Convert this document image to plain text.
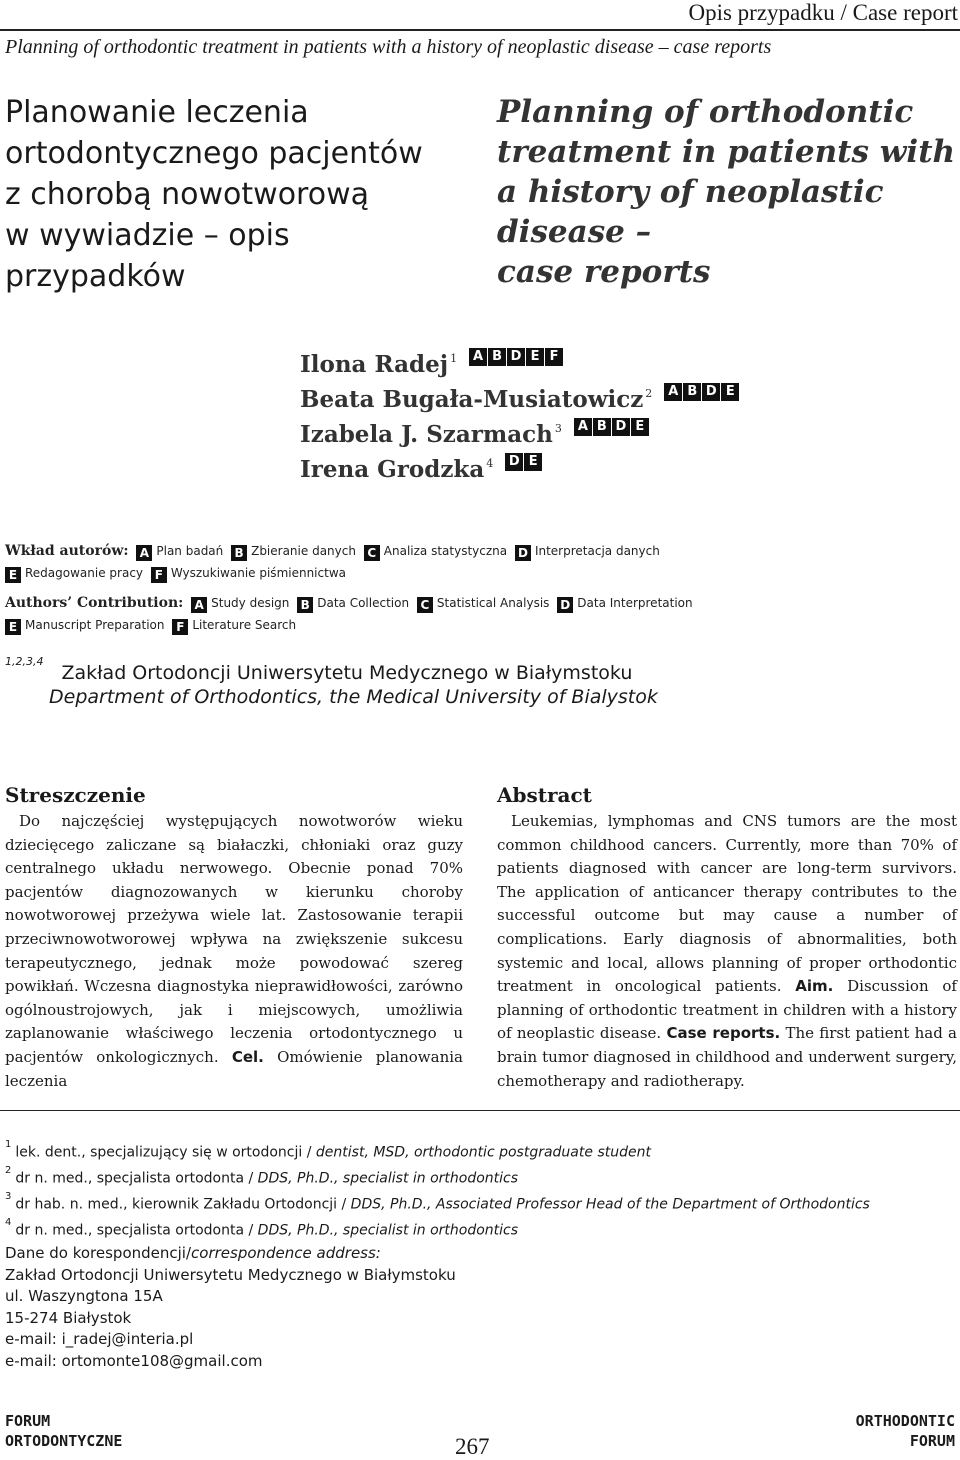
Opis przypadku / Case report
Planning of orthodontic treatment in patients with a history of neoplastic disease – case reports
Planowanie leczenia
ortodontycznego pacjentów
z chorobą nowotworową
w wywiadzie – opis
przypadków
Planning of orthodontic
treatment in patients with
a history of neoplastic disease –
case reports
Ilona Radej$^1$	A B D E F
Beata Bugała-Musiatowicz$^2$	A B D E
Izabela J. Szarmach$^3$	A B D E
Irena Grodzka$^4$ D E
Wkład autorów: A Plan badań B Zbieranie danych C Analiza statystyczna D Interpretacja danych
E Redagowanie pracy F Wyszukiwanie piśmiennictwa
Authors’ Contribution: A Study design B Data Collection C Statistical Analysis D Data Interpretation
E Manuscript Preparation F Literature Search
$^{1,2,3,4}$Zakład Ortodoncji Uniwersytetu Medycznego w Białymstoku
Department of Orthodontics, the Medical University of Bialystok
Streszczenie

Do najczęściej występujących nowotworów wieku dziecięcego zaliczane są białaczki, chłoniaki oraz guzy centralnego układu nerwowego. Obecnie ponad 70% pacjentów diagnozowanych w kierunku choroby nowotworowej przeżywa wiele lat. Zastosowanie terapii przeciwnowotworowej wpływa na zwiększenie sukcesu terapeutycznego, jednak może powodować szereg powikłań. Wczesna diagnostyka nieprawidłowości, zarówno ogólnoustrojowych, jak i miejscowych, umożliwia zaplanowanie właściwego leczenia ortodontycznego u pacjentów onkologicznych. Cel. Omówienie planowania leczenia

Abstract

Leukemias, lymphomas and CNS tumors are the most common childhood cancers. Currently, more than 70% of patients diagnosed with cancer are long-term survivors. The application of anticancer therapy contributes to the successful outcome but may cause a number of complications. Early diagnosis of abnormalities, both systemic and local, allows planning of proper orthodontic treatment in oncological patients. Aim. Discussion of planning of orthodontic treatment in children with a history of neoplastic disease. Case reports. The first patient had a brain tumor diagnosed in childhood and underwent surgery, chemotherapy and radiotherapy.

$^1$lek. dent., specjalizujący się w ortodoncji / dentist, MSD, orthodontic postgraduate student
$^2$dr n. med., specjalista ortodonta / DDS, Ph.D., specialist in orthodontics
$^3$dr hab. n. med., kierownik Zakładu Ortodoncji / DDS, Ph.D., Associated Professor Head of the Department of Orthodontics
$^4$dr n. med., specjalista ortodonta / DDS, Ph.D., specialist in orthodontics
Dane do korespondencji/correspondence address:
Zakład Ortodoncji Uniwersytetu Medycznego w Białymstoku
ul. Waszyngtona 15A
15-274 Białystok
e-mail: i_radej@interia.pl
e-mail: ortomonte108@gmail.com
FORUM
ORTODONTYCZNE	267
ORTHODONTIC
FORUM
